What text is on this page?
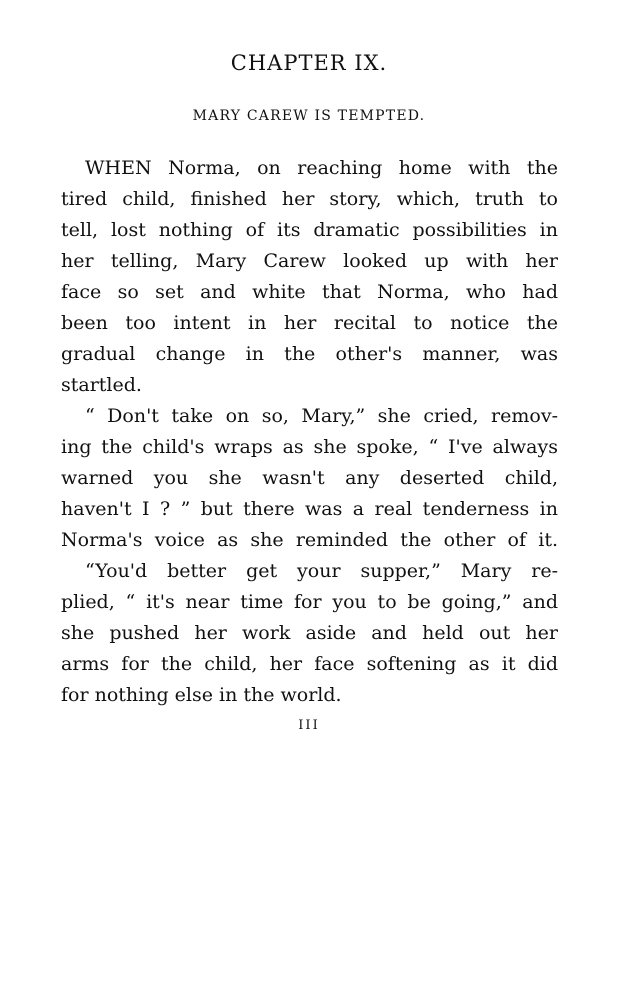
CHAPTER IX.
MARY CAREW IS TEMPTED.
WHEN Norma, on reaching home with the
tired child, finished her story, which, truth to
tell, lost nothing of its dramatic possibilities in
her telling, Mary Carew looked up with her
face so set and white that Norma, who had
been too intent in her recital to notice the
gradual change in the other's manner, was
startled.
“ Don't take on so, Mary,” she cried, remov-
ing the child's wraps as she spoke, “ I've always
warned you she wasn't any deserted child,
haven't I ? ” but there was a real tenderness in
Norma's voice as she reminded the other of it.
“You'd better get your supper,” Mary re-
plied, “ it's near time for you to be going,” and
she pushed her work aside and held out her
arms for the child, her face softening as it did
for nothing else in the world.
III
